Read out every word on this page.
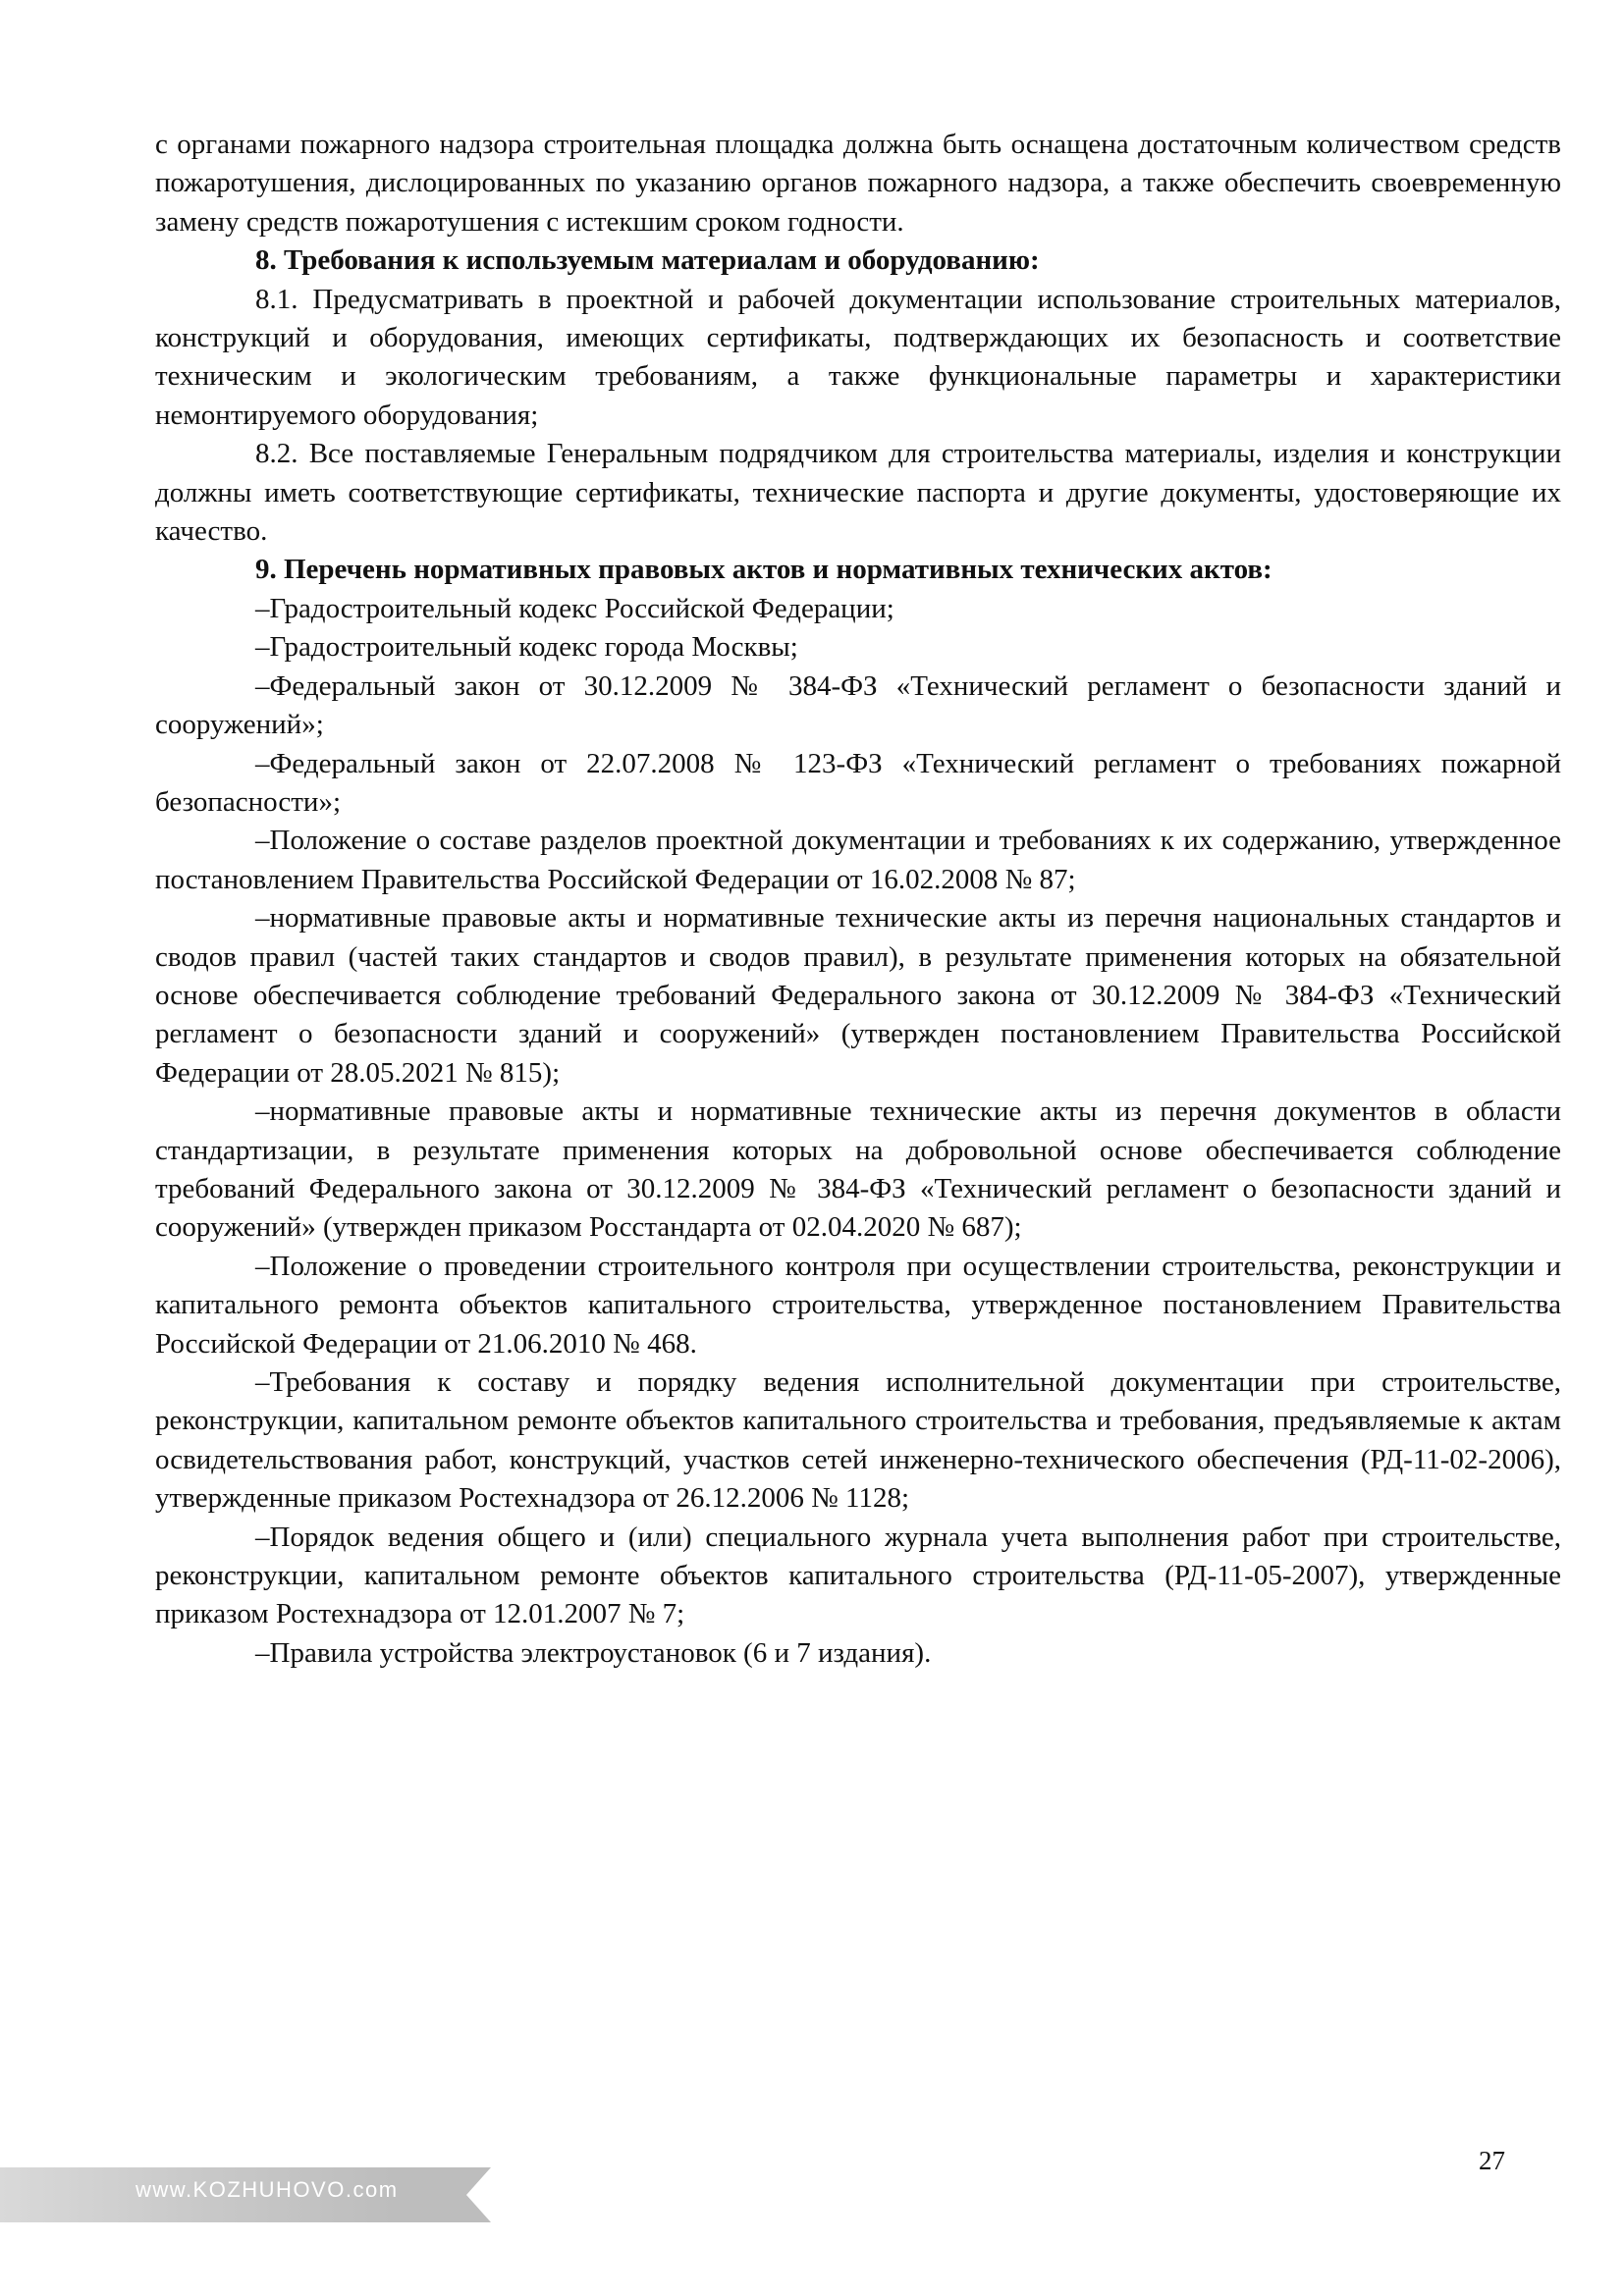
с органами пожарного надзора строительная площадка должна быть оснащена достаточным количеством средств пожаротушения, дислоцированных по указанию органов пожарного надзора, а также обеспечить своевременную замену средств пожаротушения с истекшим сроком годности.

8. Требования к используемым материалам и оборудованию:

8.1. Предусматривать в проектной и рабочей документации использование строительных материалов, конструкций и оборудования, имеющих сертификаты, подтверждающих их безопасность и соответствие техническим и экологическим требованиям, а также функциональные параметры и характеристики немонтируемого оборудования;

8.2. Все поставляемые Генеральным подрядчиком для строительства материалы, изделия и конструкции должны иметь соответствующие сертификаты, технические паспорта и другие документы, удостоверяющие их качество.

9. Перечень нормативных правовых актов и нормативных технических актов:

–Градостроительный кодекс Российской Федерации;

–Градостроительный кодекс города Москвы;

–Федеральный закон от 30.12.2009 № 384-ФЗ «Технический регламент о безопасности зданий и сооружений»;

–Федеральный закон от 22.07.2008 № 123-ФЗ «Технический регламент о требованиях пожарной безопасности»;

–Положение о составе разделов проектной документации и требованиях к их содержанию, утвержденное постановлением Правительства Российской Федерации от 16.02.2008 № 87;

–нормативные правовые акты и нормативные технические акты из перечня национальных стандартов и сводов правил (частей таких стандартов и сводов правил), в результате применения которых на обязательной основе обеспечивается соблюдение требований Федерального закона от 30.12.2009 № 384-ФЗ «Технический регламент о безопасности зданий и сооружений» (утвержден постановлением Правительства Российской Федерации от 28.05.2021 № 815);

–нормативные правовые акты и нормативные технические акты из перечня документов в области стандартизации, в результате применения которых на добровольной основе обеспечивается соблюдение требований Федерального закона от 30.12.2009 № 384-ФЗ «Технический регламент о безопасности зданий и сооружений» (утвержден приказом Росстандарта от 02.04.2020 № 687);

–Положение о проведении строительного контроля при осуществлении строительства, реконструкции и капитального ремонта объектов капитального строительства, утвержденное постановлением Правительства Российской Федерации от 21.06.2010 № 468.

–Требования к составу и порядку ведения исполнительной документации при строительстве, реконструкции, капитальном ремонте объектов капитального строительства и требования, предъявляемые к актам освидетельствования работ, конструкций, участков сетей инженерно-технического обеспечения (РД-11-02-2006), утвержденные приказом Ростехнадзора от 26.12.2006 № 1128;

–Порядок ведения общего и (или) специального журнала учета выполнения работ при строительстве, реконструкции, капитальном ремонте объектов капитального строительства (РД-11-05-2007), утвержденные приказом Ростехнадзора от 12.01.2007 № 7;

–Правила устройства электроустановок (6 и 7 издания).

27
www.KOZHUHOVO.com
